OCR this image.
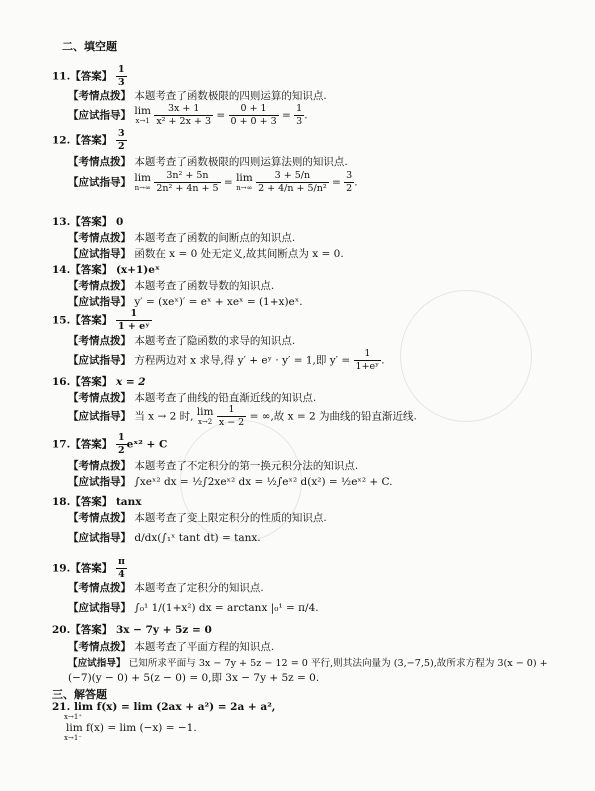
二、填空题
11.【答案】 $\frac{1}{3}$
【考情点拨】 本题考查了函数极限的四则运算的知识点.
【应试指导】 lim
x→1
$\frac{3x + 1}{\text{x² + 2x + 3}} = \frac{0 + 1}{0 + 0 + 3} = \frac{1}{3}$ .
12.【答案】 $\frac{3}{2}$
【考情点拨】 本题考查了函数极限的四则运算法则的知识点.
【应试指导】 lim
n→∞
$\frac{\text{3n² + 5n}}{\text{2n² + 4n + 5}} = \lim$
n→∞
$\frac{3 + 5/n}{\text{2 + 4/n + 5/n²}} = \frac{3}{2}$ .
13.【答案】 0
【考情点拨】 本题考查了函数的间断点的知识点.
【应试指导】 函数在 x = 0 处无定义,故其间断点为 x = 0.
14.【答案】 (x+1)eˣ
【考情点拨】 本题考查了函数导数的知识点.
【应试指导】 y′ = (xeˣ)′ = eˣ + xeˣ = (1+x)eˣ.
15.【答案】 $\frac{1}{\text{1 + eʸ}}$
【考情点拨】 本题考查了隐函数的求导的知识点.
【应试指导】 方程两边对 x 求导,得 y′ + eʸ · y′ = 1,即 $y' = \frac{1}{\text{1+eʸ}}$ .
16.【答案】 x = 2
【考情点拨】 本题考查了曲线的铅直渐近线的知识点.
【应试指导】 当 x → 2 时, lim
x→2
$\frac{1}{x - 2}$ = ∞,故 x = 2 为曲线的铅直渐近线.
17.【答案】 $\frac{1}{2}$ eˣ² + C
【考情点拨】 本题考查了不定积分的第一换元积分法的知识点.
【应试指导】 ∫xeˣ² dx = ½∫2xeˣ² dx = ½∫eˣ² d(x²) = ½eˣ² + C.
18.【答案】 tanx
【考情点拨】 本题考查了变上限定积分的性质的知识点.
【应试指导】 d/dx(∫₁ˣ tant dt) = tanx.
19.【答案】 $\frac{\pi}{4}$
【考情点拨】 本题考查了定积分的知识点.
【应试指导】 ∫₀¹ 1/(1+x²) dx = arctanx |₀¹ = π/4.
20.【答案】 3x − 7y + 5z = 0
【考情点拨】 本题考查了平面方程的知识点.
【应试指导】 已知所求平面与 3x − 7y + 5z − 12 = 0 平行,则其法向量为 (3,−7,5),故所求方程为 3(x − 0) +
(−7)(y − 0) + 5(z − 0) = 0,即 3x − 7y + 5z = 0.
三、解答题
21. lim f(x) = lim (2ax + a²) = 2a + a²,
x→1⁺
lim f(x) = lim (−x) = −1.
x→1⁻
